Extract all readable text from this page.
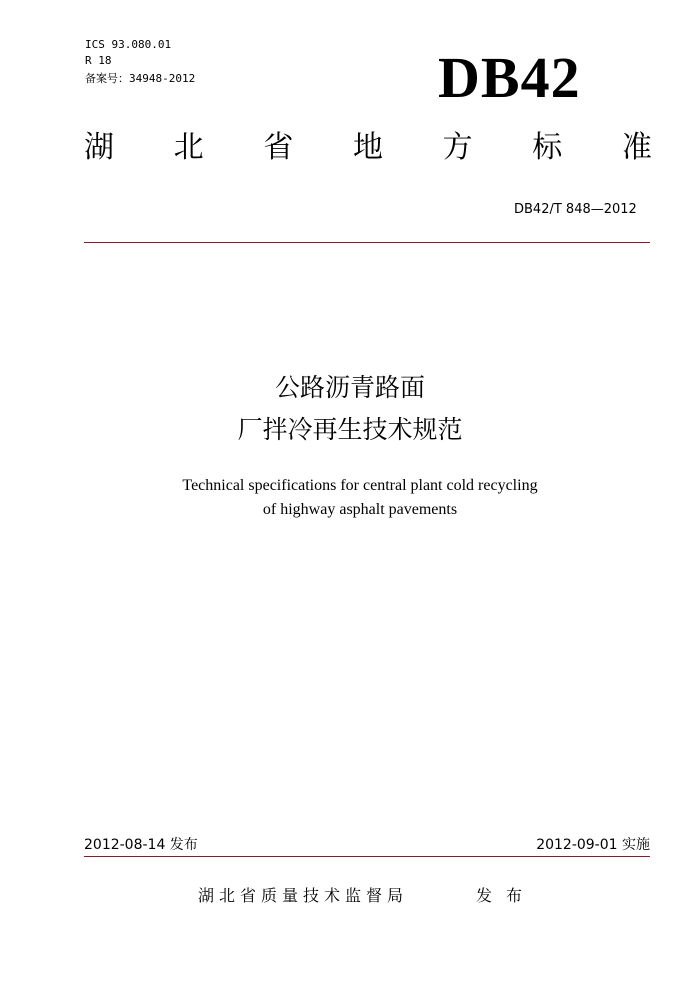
ICS 93.080.01
R 18
备案号：34948-2012	DB42
湖 北 省 地 方 标 准
DB42/T 848—2012
公路沥青路面
厂拌冷再生技术规范
Technical specifications for central plant cold recycling
of highway asphalt pavements
2012-08-14 发布	2012-09-01 实施
湖北省质量技术监督局	发布
